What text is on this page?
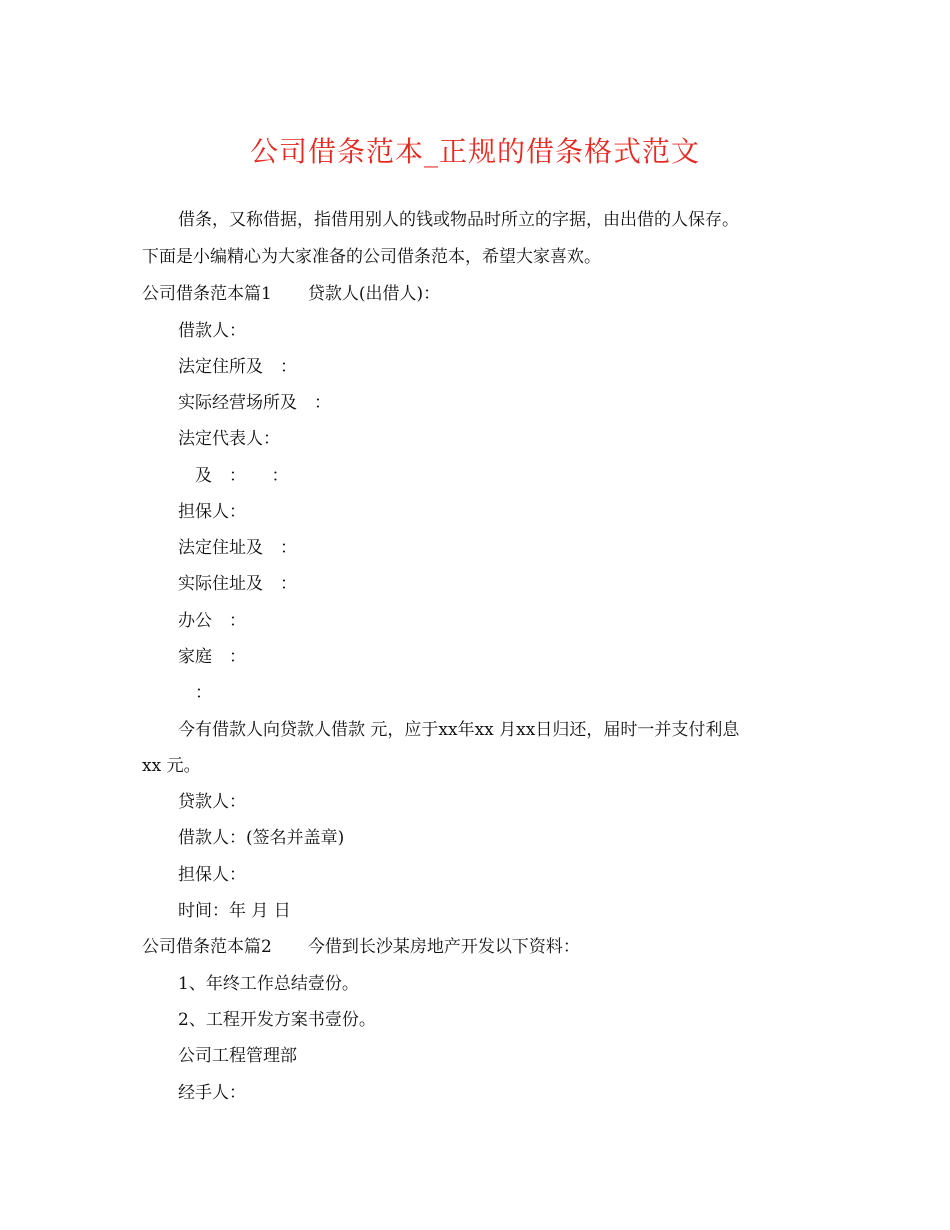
公司借条范本_正规的借条格式范文
借条，又称借据，指借用别人的钱或物品时所立的字据，由出借的人保存。
下面是小编精心为大家准备的公司借条范本，希望大家喜欢。
公司借条范本篇1 贷款人(出借人)：
借款人：
法定住所及　：
实际经营场所及　：
法定代表人：
　及　：　　：
担保人：
法定住址及　：
实际住址及　：
办公　：
家庭　：
　：
今有借款人向贷款人借款 元，应于xx年xx 月xx日归还，届时一并支付利息
xx 元。
贷款人：
借款人：(签名并盖章)
担保人：
时间：年 月 日
公司借条范本篇2 今借到长沙某房地产开发以下资料：
1、年终工作总结壹份。
2、工程开发方案书壹份。
公司工程管理部
经手人：
